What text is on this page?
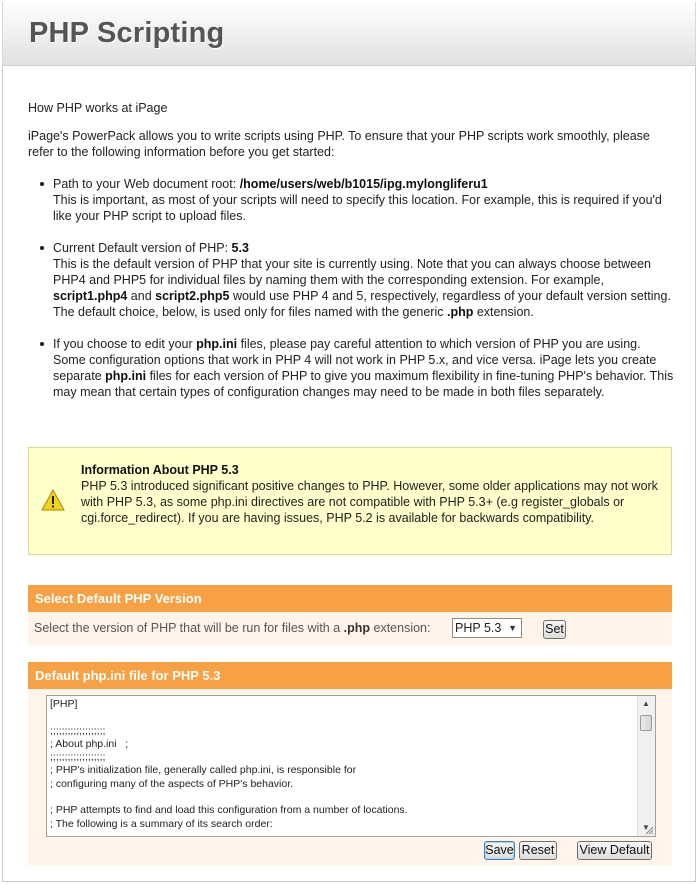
PHP Scripting
How PHP works at iPage
iPage's PowerPack allows you to write scripts using PHP. To ensure that your PHP scripts work smoothly, please refer to the following information before you get started:
Path to your Web document root: /home/users/web/b1015/ipg.mylongliferu1
This is important, as most of your scripts will need to specify this location. For example, this is required if you'd like your PHP script to upload files.
Current Default version of PHP: 5.3
This is the default version of PHP that your site is currently using. Note that you can always choose between PHP4 and PHP5 for individual files by naming them with the corresponding extension. For example, script1.php4 and script2.php5 would use PHP 4 and 5, respectively, regardless of your default version setting. The default choice, below, is used only for files named with the generic .php extension.
If you choose to edit your php.ini files, please pay careful attention to which version of PHP you are using. Some configuration options that work in PHP 4 will not work in PHP 5.x, and vice versa. iPage lets you create separate php.ini files for each version of PHP to give you maximum flexibility in fine-tuning PHP's behavior. This may mean that certain types of configuration changes may need to be made in both files separately.
Information About PHP 5.3
PHP 5.3 introduced significant positive changes to PHP. However, some older applications may not work with PHP 5.3, as some php.ini directives are not compatible with PHP 5.3+ (e.g register_globals or cgi.force_redirect). If you are having issues, PHP 5.2 is available for backwards compatibility.
Select Default PHP Version
Select the version of PHP that will be run for files with a .php extension: PHP 5.3 ▼ Set
Default php.ini file for PHP 5.3
[PHP]

;;;;;;;;;;;;;;;;;;;
; About php.ini   ;
;;;;;;;;;;;;;;;;;;;
; PHP's initialization file, generally called php.ini, is responsible for
; configuring many of the aspects of PHP's behavior.

; PHP attempts to find and load this configuration from a number of locations.
; The following is a summary of its search order:
▲
▼
Save Reset View Default
